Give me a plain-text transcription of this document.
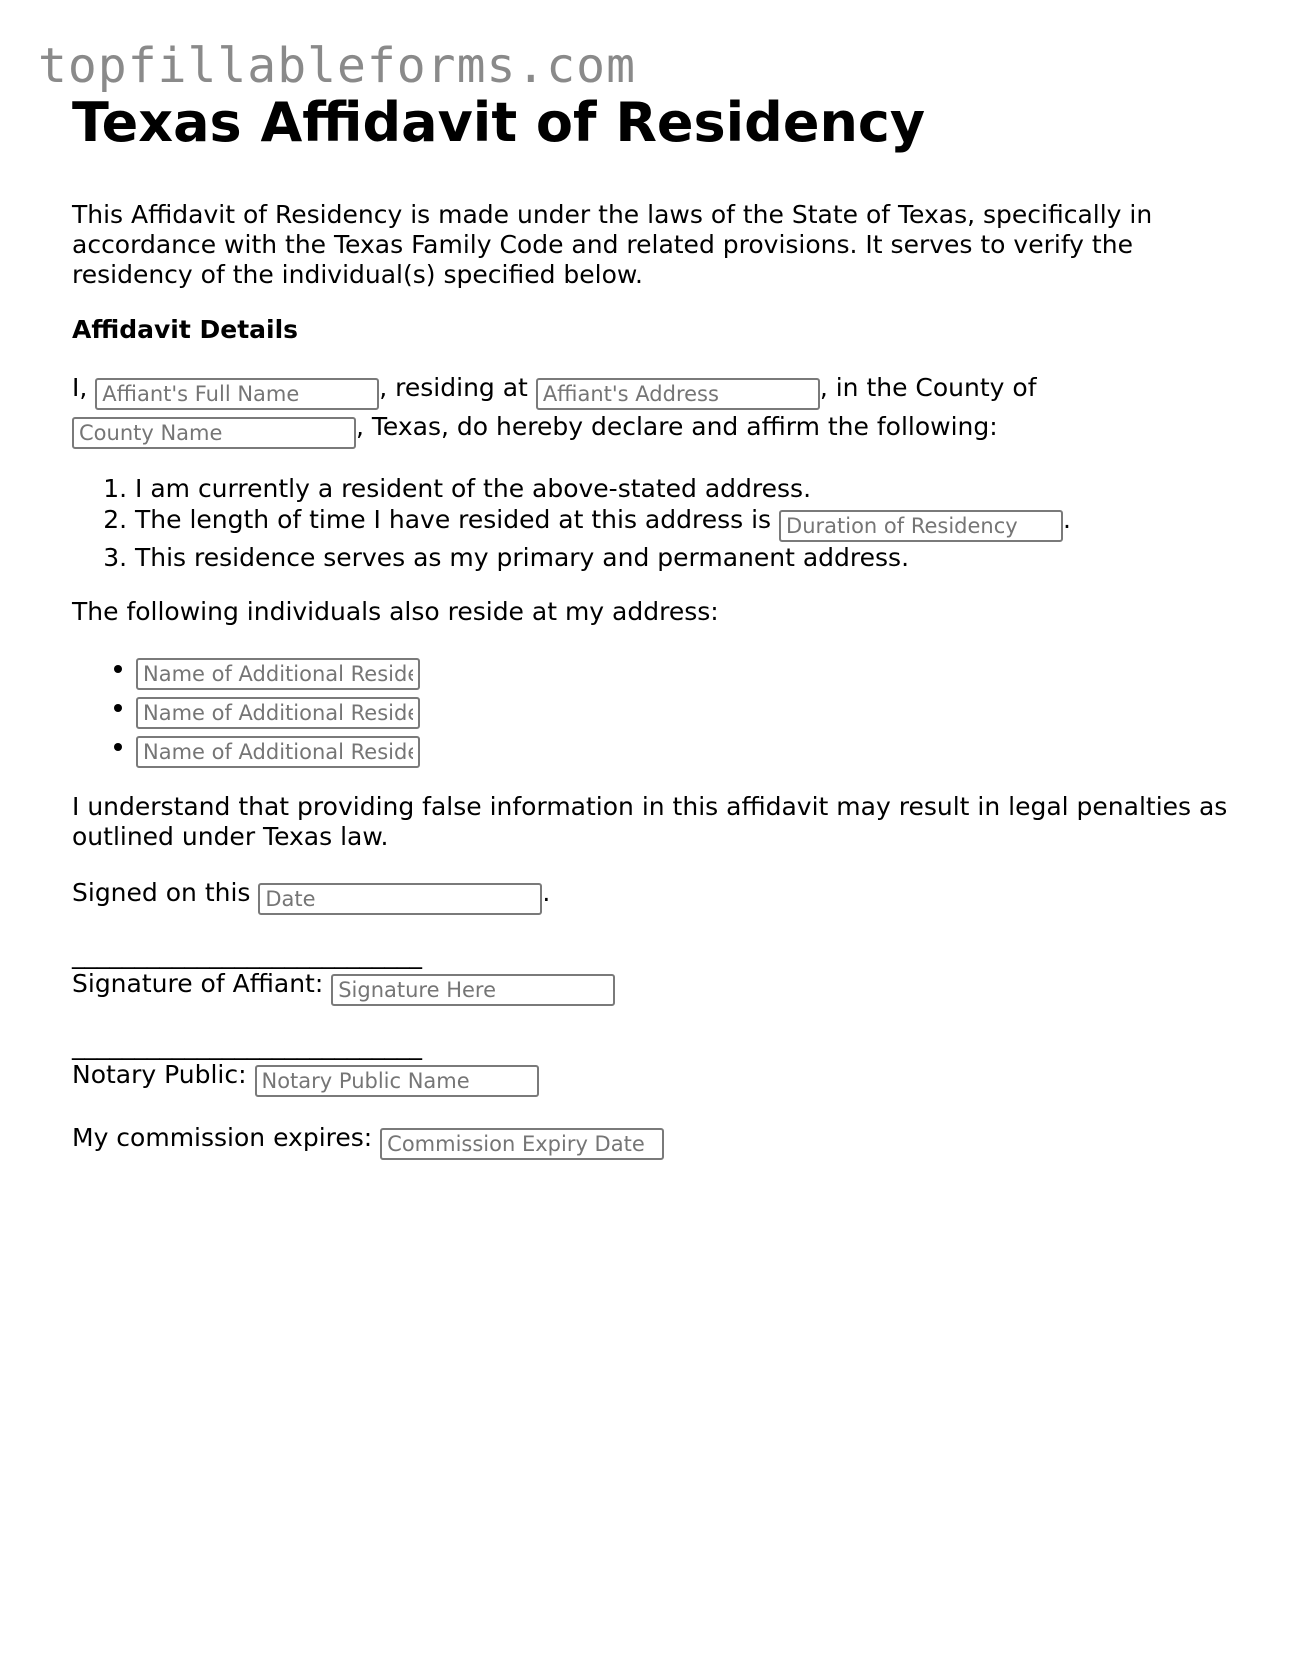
topfillableforms.com
Texas Affidavit of Residency

This Affidavit of Residency is made under the laws of the State of Texas, specifically in accordance with the Texas Family Code and related provisions. It serves to verify the residency of the individual(s) specified below.

Affidavit Details

I, Affiant's Full Name	, residing at Affiant's Address	, in the County of
County Name, Texas, do hereby declare and affirm the following:

1. I am currently a resident of the above-stated address.
2. The length of time I have resided at this address is Duration of Residency	.
3. This residence serves as my primary and permanent address.

The following individuals also reside at my address:

• Name of Additional Resident
• Name of Additional Resident
• Name of Additional Resident

I understand that providing false information in this affidavit may result in legal penalties as outlined under Texas law.

Signed on this Date	.

____________________________

Signature of Affiant: Signature Here

____________________________

Notary Public: Notary Public Name

My commission expires: Commission Expiry Date
